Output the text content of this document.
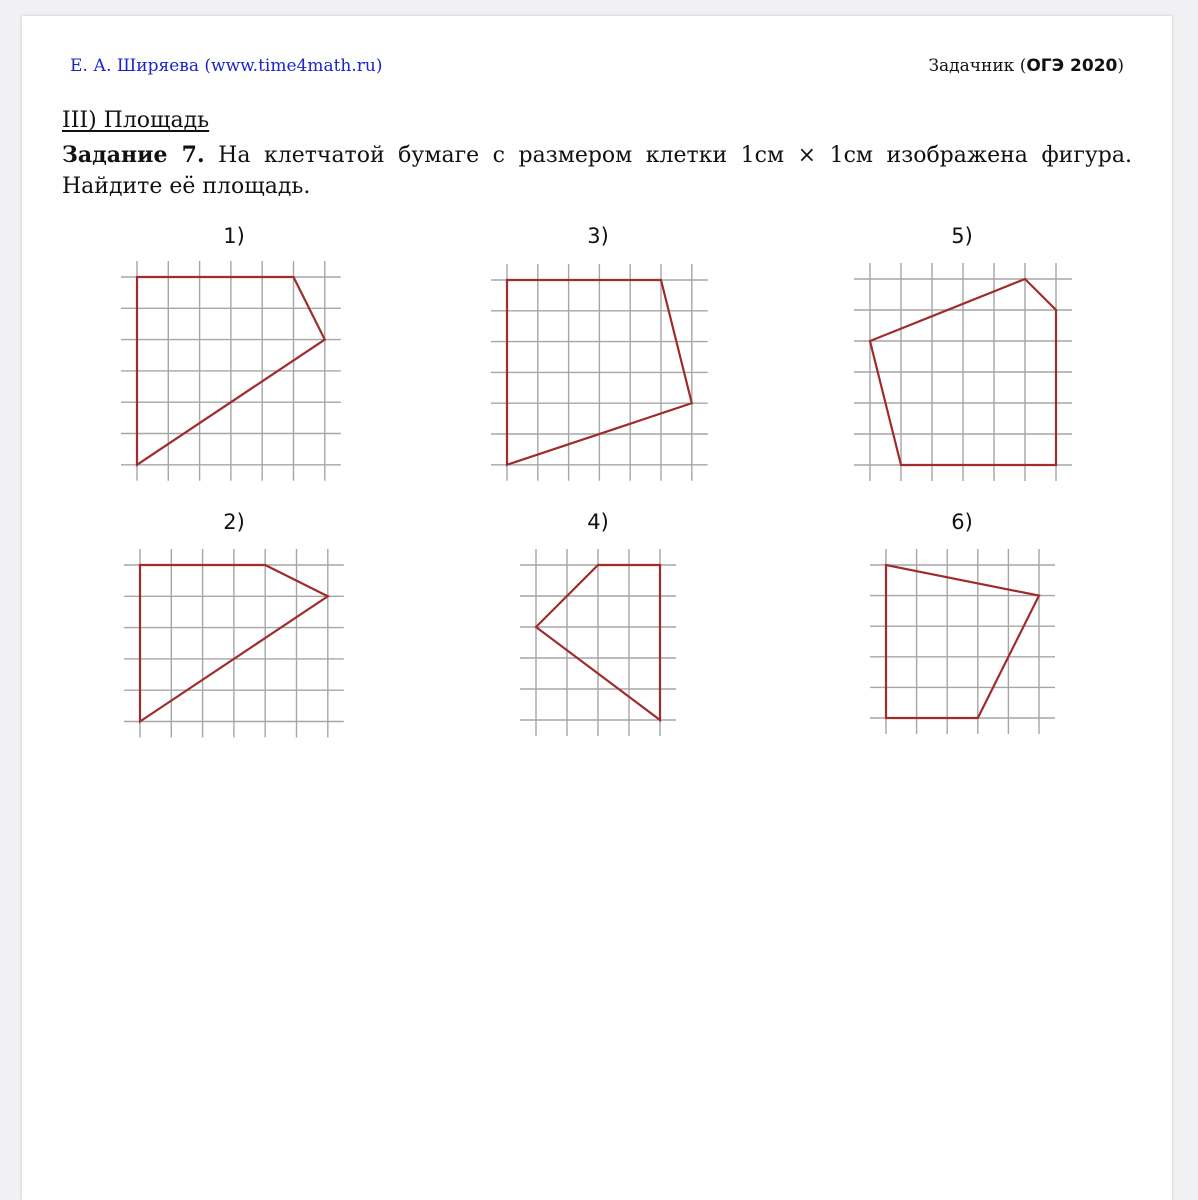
Е. А. Ширяева (www.time4math.ru)	Задачник (ОГЭ 2020)
III) Площадь
Задание 7. На клетчатой бумаге с размером клетки 1см × 1см изображена фигура. Найдите её площадь.
1)	3)	5)
2)	4)	6)
